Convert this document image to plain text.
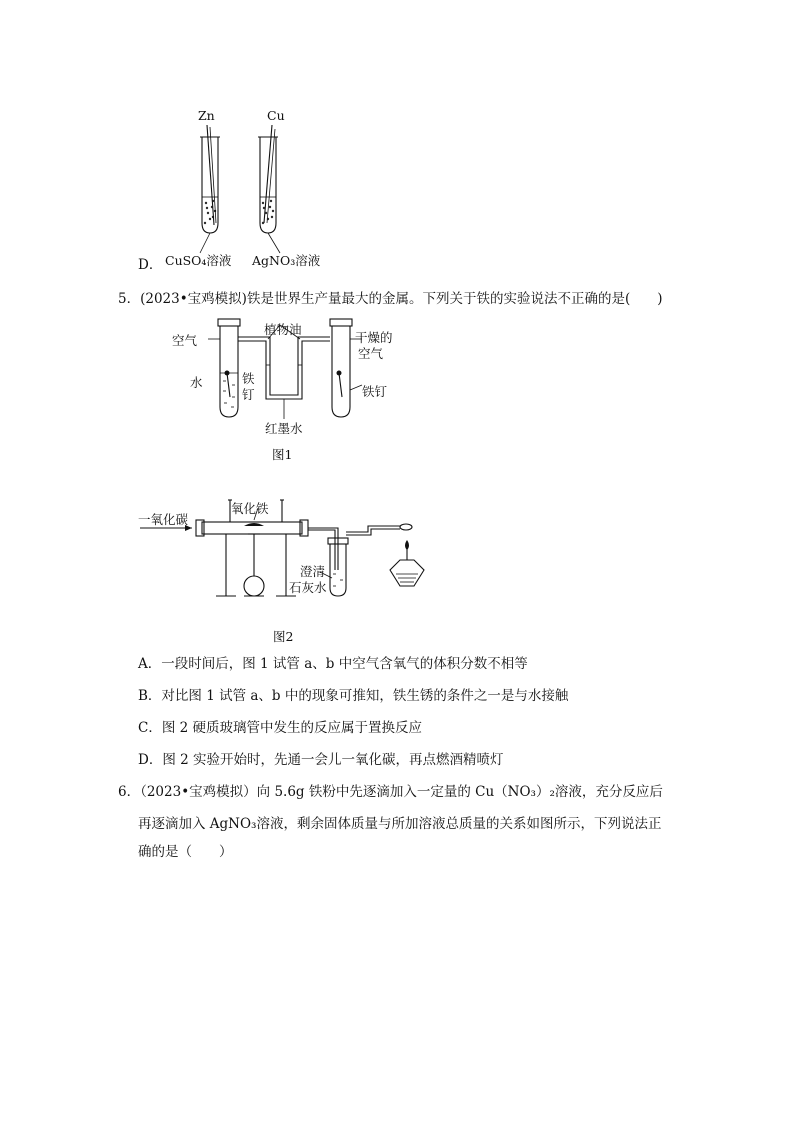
Zn	Cu
CuSO₄溶液 AgNO₃溶液
D．
5．(2023•宝鸡模拟)铁是世界生产量最大的金属。下列关于铁的实验说法不正确的是(　　)
空气
植物油
干燥的
空气
水	铁钉	铁钉
红墨水
图1
一氧化碳
氧化铁
澄清
石灰水
图2
A．一段时间后，图 1 试管 a、b 中空气含氧气的体积分数不相等
B．对比图 1 试管 a、b 中的现象可推知，铁生锈的条件之一是与水接触
C．图 2 硬质玻璃管中发生的反应属于置换反应
D．图 2 实验开始时，先通一会儿一氧化碳，再点燃酒精喷灯
6．（2023•宝鸡模拟）向 5.6g 铁粉中先逐滴加入一定量的 Cu（NO₃）₂溶液，充分反应后
再逐滴加入 AgNO₃溶液，剩余固体质量与所加溶液总质量的关系如图所示，下列说法正
确的是（　　）
